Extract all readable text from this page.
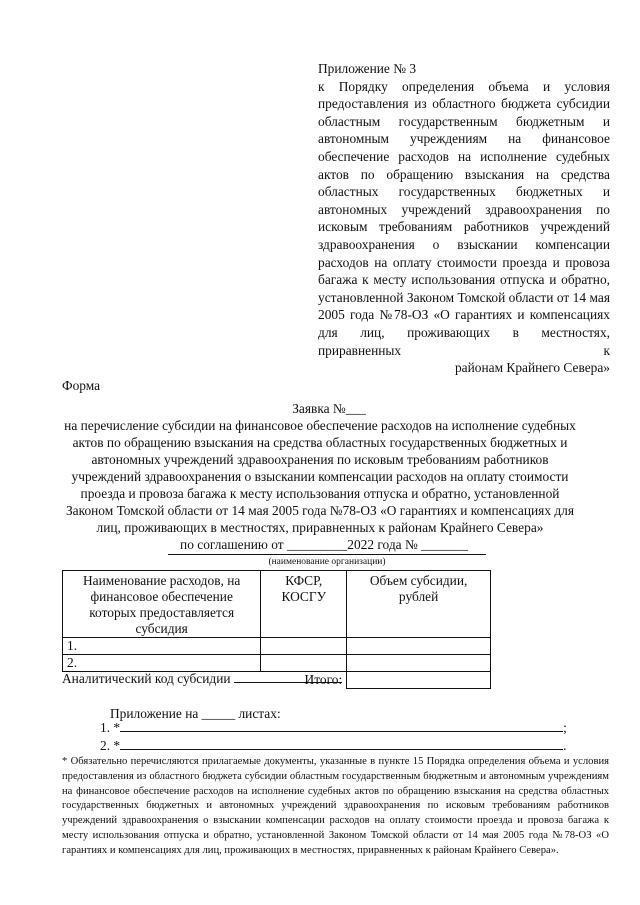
Приложение № 3
к Порядку определения объема и условия предоставления из областного бюджета субсидии областным государственным бюджетным и автономным учреждениям на финансовое обеспечение расходов на исполнение судебных актов по обращению взыскания на средства областных государственных бюджетных и автономных учреждений здравоохранения по исковым требованиям работников учреждений здравоохранения о взыскании компенсации расходов на оплату стоимости проезда и провоза багажа к месту использования отпуска и обратно, установленной Законом Томской области от 14 мая 2005 года №78-ОЗ «О гарантиях и компенсациях для лиц, проживающих в местностях, приравненных к
районам Крайнего Севера»
Форма
Заявка №___
на перечисление субсидии на финансовое обеспечение расходов на исполнение судебных
актов по обращению взыскания на средства областных государственных бюджетных и
автономных учреждений здравоохранения по исковым требованиям работников
учреждений здравоохранения о взыскании компенсации расходов на оплату стоимости
проезда и провоза багажа к месту использования отпуска и обратно, установленной
Законом Томской области от 14 мая 2005 года №78-ОЗ «О гарантиях и компенсациях для
лиц, проживающих в местностях, приравненных к районам Крайнего Севера»
по соглашению от _________2022 года № _______
(наименование организации)
Наименование расходов, на финансовое обеспечение которых предоставляется субсидия	КФСР, КОСГУ	Объем субсидии, рублей
1.		
2.		
Итого:		
Аналитический код субсидии
Приложение на _____ листах:
1. *	;
2. *	.
* Обязательно перечисляются прилагаемые документы, указанные в пункте 15 Порядка определения объема и условия предоставления из областного бюджета субсидии областным государственным бюджетным и автономным учреждениям на финансовое обеспечение расходов на исполнение судебных актов по обращению взыскания на средства областных государственных бюджетных и автономных учреждений здравоохранения по исковым требованиям работников учреждений здравоохранения о взыскании компенсации расходов на оплату стоимости проезда и провоза багажа к месту использования отпуска и обратно, установленной Законом Томской области от 14 мая 2005 года №78-ОЗ «О гарантиях и компенсациях для лиц, проживающих в местностях, приравненных к районам Крайнего Севера».
